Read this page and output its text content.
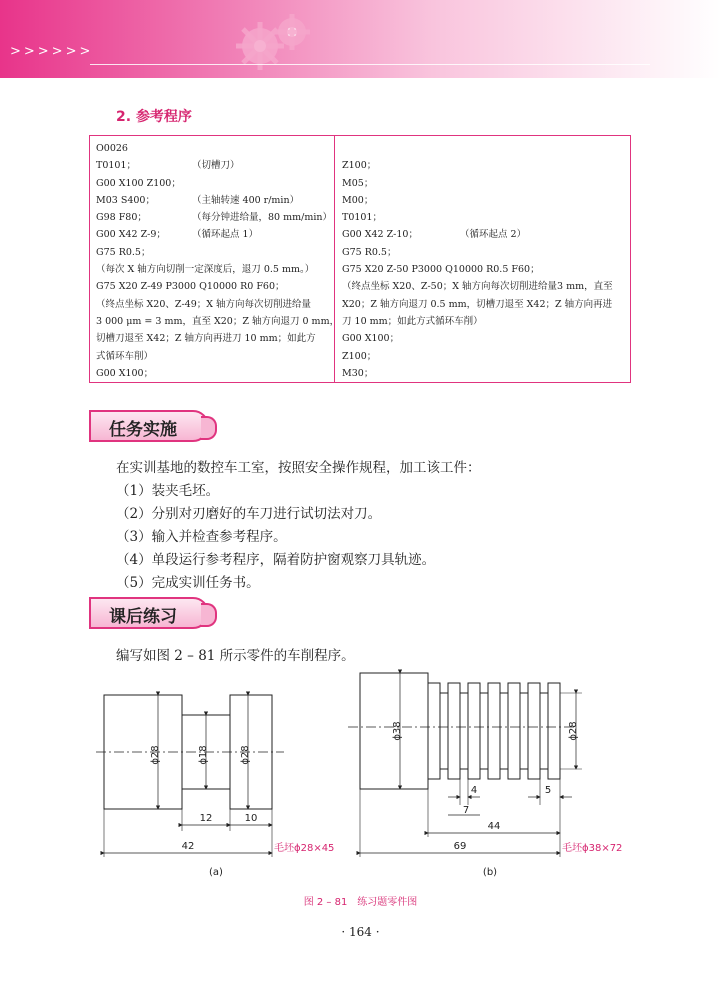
>>>>>>
2. 参考程序
O0026
T0101；	（切槽刀）
G00 X100 Z100；
M03 S400；	（主轴转速 400 r/min）
G98 F80；	（每分钟进给量，80 mm/min）
G00 X42 Z-9；	（循环起点 1）
G75 R0.5；
（每次 X 轴方向切削一定深度后，退刀 0.5 mm。）
G75 X20 Z-49 P3000 Q10000 R0 F60；
（终点坐标 X20、Z-49；X 轴方向每次切削进给量
3 000 μm = 3 mm，直至 X20；Z 轴方向退刀 0 mm，
切槽刀退至 X42；Z 轴方向再进刀 10 mm；如此方
式循环车削）
G00 X100；
Z100；
M05；
M00；
T0101；
G00 X42 Z-10；	（循环起点 2）
G75 R0.5；
G75 X20 Z-50 P3000 Q10000 R0.5 F60；
（终点坐标 X20、Z-50；X 轴方向每次切削进给量3 mm，直至
X20；Z 轴方向退刀 0.5 mm，切槽刀退至 X42；Z 轴方向再进
刀 10 mm；如此方式循环车削）
G00 X100；
Z100；
M30；
任务实施
在实训基地的数控车工室，按照安全操作规程，加工该工件：
（1）装夹毛坯。
（2）分别对刃磨好的车刀进行试切法对刀。
（3）输入并检查参考程序。
（4）单段运行参考程序，隔着防护窗观察刀具轨迹。
（5）完成实训任务书。
课后练习
编写如图 2 – 81 所示零件的车削程序。
ϕ28	ϕ18	ϕ28
12	10
42	毛坯ϕ28×45
(a)
ϕ38	ϕ28
4
7
5
44
69	毛坯ϕ38×72
(b)
图 2 – 81　练习题零件图
· 164 ·
